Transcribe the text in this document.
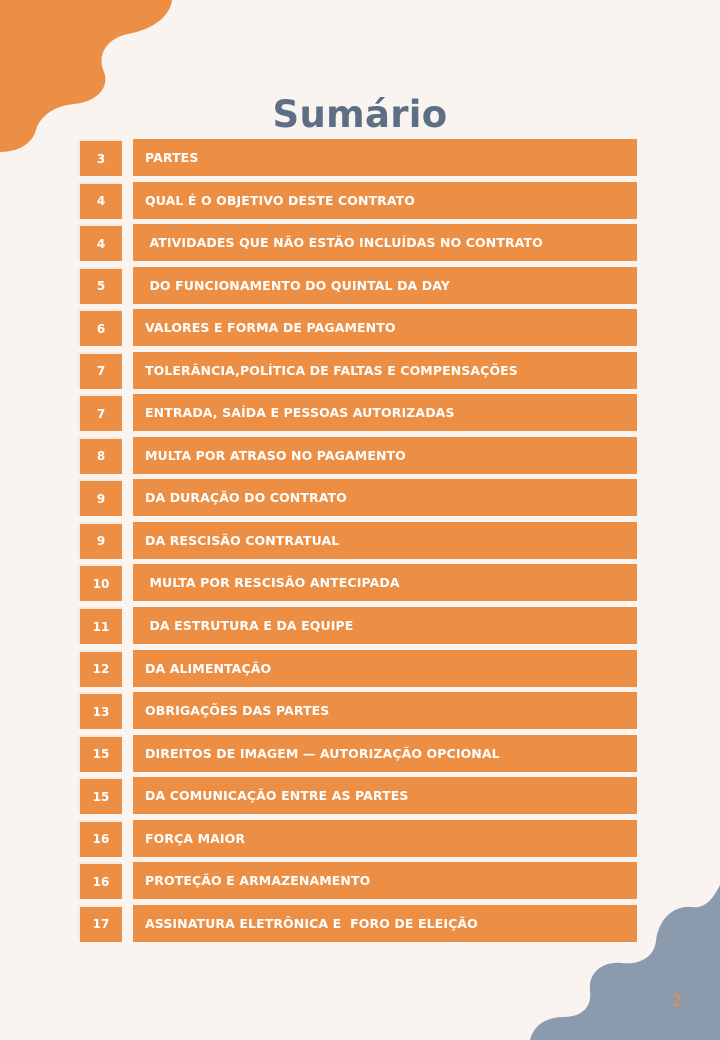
Sumário
3	PARTES
4	QUAL É O OBJETIVO DESTE CONTRATO
4	ATIVIDADES QUE NÃO ESTÃO INCLUÍDAS NO CONTRATO
5	DO FUNCIONAMENTO DO QUINTAL DA DAY
6	VALORES E FORMA DE PAGAMENTO
7	TOLERÂNCIA,POLÍTICA DE FALTAS E COMPENSAÇÕES
7	ENTRADA, SAÍDA E PESSOAS AUTORIZADAS
8	MULTA POR ATRASO NO PAGAMENTO
9	DA DURAÇÃO DO CONTRATO
9	DA RESCISÃO CONTRATUAL
10	MULTA POR RESCISÃO ANTECIPADA
11	DA ESTRUTURA E DA EQUIPE
12	DA ALIMENTAÇÃO
13	OBRIGAÇÕES DAS PARTES
15	DIREITOS DE IMAGEM — AUTORIZAÇÃO OPCIONAL
15	DA COMUNICAÇÃO ENTRE AS PARTES
16	FORÇA MAIOR
16	PROTEÇÃO E ARMAZENAMENTO
17	ASSINATURA ELETRÔNICA E  FORO DE ELEIÇÃO
2
